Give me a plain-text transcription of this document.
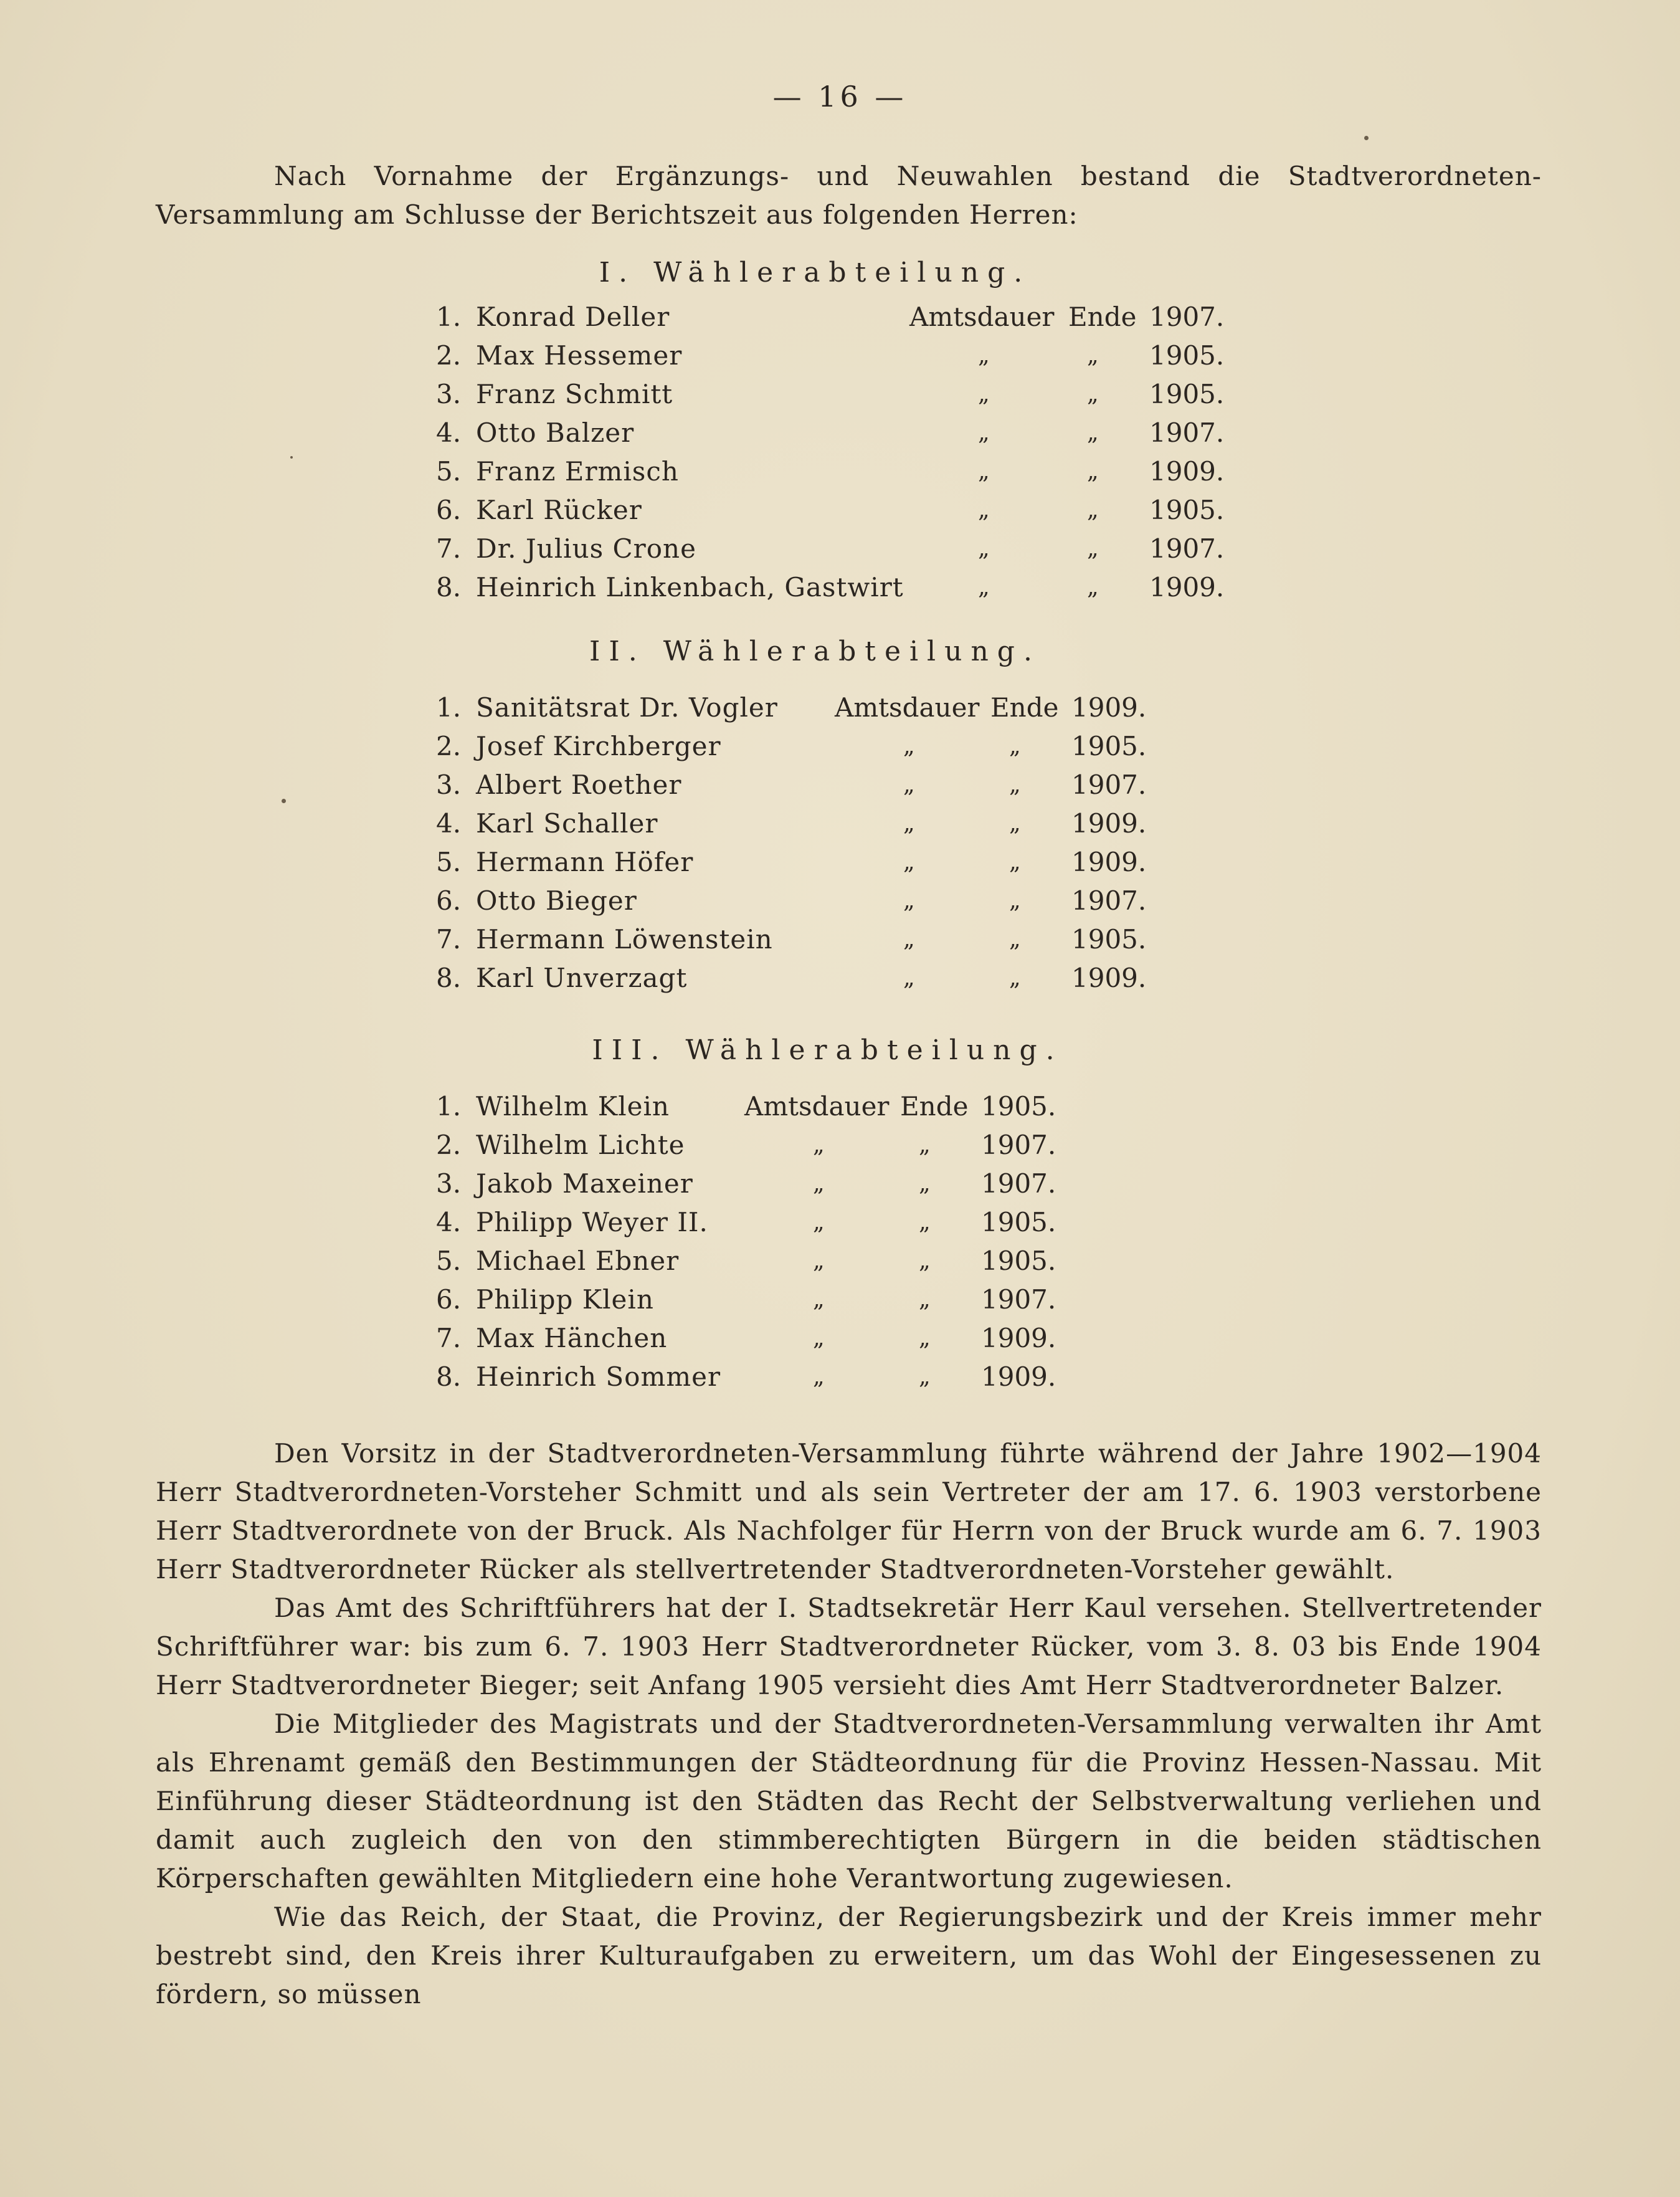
— 16 —
Nach Vornahme der Ergänzungs- und Neuwahlen bestand die Stadtverordneten-Versammlung am Schlusse der Berichtszeit aus folgenden Herren:
I. Wählerabteilung.
1. Konrad Deller	Amtsdauer Ende 1907.
2. Max Hessemer	„	„ 1905.
3. Franz Schmitt	„	„ 1905.
4. Otto Balzer	„	„ 1907.
5. Franz Ermisch	„	„ 1909.
6. Karl Rücker	„	„ 1905.
7. Dr. Julius Crone	„	„ 1907.
8. Heinrich Linkenbach, Gastwirt	„	„ 1909.
II. Wählerabteilung.
1. Sanitätsrat Dr. Vogler Amtsdauer Ende 1909.
2. Josef Kirchberger	„	„ 1905.
3. Albert Roether	„	„ 1907.
4. Karl Schaller	„	„ 1909.
5. Hermann Höfer	„	„ 1909.
6. Otto Bieger	„	„ 1907.
7. Hermann Löwenstein	„	„ 1905.
8. Karl Unverzagt	„	„ 1909.
III. Wählerabteilung.
1. Wilhelm Klein	Amtsdauer Ende 1905.
2. Wilhelm Lichte	„	„ 1907.
3. Jakob Maxeiner	„	„ 1907.
4. Philipp Weyer II.	„	„ 1905.
5. Michael Ebner	„	„ 1905.
6. Philipp Klein	„	„ 1907.
7. Max Hänchen	„	„ 1909.
8. Heinrich Sommer	„	„ 1909.
Den Vorsitz in der Stadtverordneten-Versammlung führte während der Jahre 1902—1904 Herr Stadtverordneten-Vorsteher Schmitt und als sein Vertreter der am 17. 6. 1903 verstorbene Herr Stadtverordnete von der Bruck. Als Nachfolger für Herrn von der Bruck wurde am 6. 7. 1903 Herr Stadtverordneter Rücker als stellvertretender Stadtverordneten-Vorsteher gewählt.
Das Amt des Schriftführers hat der I. Stadtsekretär Herr Kaul versehen. Stellvertretender Schriftführer war: bis zum 6. 7. 1903 Herr Stadtverordneter Rücker, vom 3. 8. 03 bis Ende 1904 Herr Stadtverordneter Bieger; seit Anfang 1905 versieht dies Amt Herr Stadtverordneter Balzer.
Die Mitglieder des Magistrats und der Stadtverordneten-Versammlung verwalten ihr Amt als Ehrenamt gemäß den Bestimmungen der Städteordnung für die Provinz Hessen-Nassau. Mit Einführung dieser Städteordnung ist den Städten das Recht der Selbstverwaltung verliehen und damit auch zugleich den von den stimmberechtigten Bürgern in die beiden städtischen Körperschaften gewählten Mitgliedern eine hohe Verantwortung zugewiesen.
Wie das Reich, der Staat, die Provinz, der Regierungsbezirk und der Kreis immer mehr bestrebt sind, den Kreis ihrer Kulturaufgaben zu erweitern, um das Wohl der Eingesessenen zu fördern, so müssen
